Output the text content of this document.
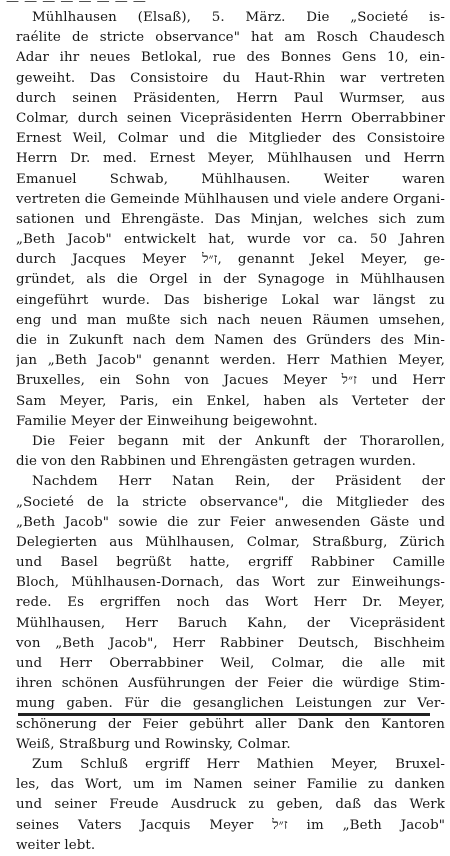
Mühlhausen (Elsaß), 5. März. Die „Societé is-
raélite de stricte observance" hat am Rosch Chaudesch
Adar ihr neues Betlokal, rue des Bonnes Gens 10, ein-
geweiht. Das Consistoire du Haut-Rhin war vertreten
durch seinen Präsidenten, Herrn Paul Wurmser, aus
Colmar, durch seinen Vicepräsidenten Herrn Oberrabbiner
Ernest Weil, Colmar und die Mitglieder des Consistoire
Herrn Dr. med. Ernest Meyer, Mühlhausen und Herrn
Emanuel Schwab, Mühlhausen. Weiter waren
vertreten die Gemeinde Mühlhausen und viele andere Organi-
sationen und Ehrengäste. Das Minjan, welches sich zum
„Beth Jacob" entwickelt hat, wurde vor ca. 50 Jahren
durch Jacques Meyer ז״ל, genannt Jekel Meyer, ge-
gründet, als die Orgel in der Synagoge in Mühlhausen
eingeführt wurde. Das bisherige Lokal war längst zu
eng und man mußte sich nach neuen Räumen umsehen,
die in Zukunft nach dem Namen des Gründers des Min-
jan „Beth Jacob" genannt werden. Herr Mathien Meyer,
Bruxelles, ein Sohn von Jacues Meyer ז״ל und Herr
Sam Meyer, Paris, ein Enkel, haben als Verteter der
Familie Meyer der Einweihung beigewohnt.
Die Feier begann mit der Ankunft der Thorarollen,
die von den Rabbinen und Ehrengästen getragen wurden.
Nachdem Herr Natan Rein, der Präsident der
„Societé de la stricte observance", die Mitglieder des
„Beth Jacob" sowie die zur Feier anwesenden Gäste und
Delegierten aus Mühlhausen, Colmar, Straßburg, Zürich
und Basel begrüßt hatte, ergriff Rabbiner Camille
Bloch, Mühlhausen-Dornach, das Wort zur Einweihungs-
rede. Es ergriffen noch das Wort Herr Dr. Meyer,
Mühlhausen, Herr Baruch Kahn, der Vicepräsident
von „Beth Jacob", Herr Rabbiner Deutsch, Bischheim
und Herr Oberrabbiner Weil, Colmar, die alle mit
ihren schönen Ausführungen der Feier die würdige Stim-
mung gaben. Für die gesanglichen Leistungen zur Ver-
schönerung der Feier gebührt aller Dank den Kantoren
Weiß, Straßburg und Rowinsky, Colmar.
Zum Schluß ergriff Herr Mathien Meyer, Bruxel-
les, das Wort, um im Namen seiner Familie zu danken
und seiner Freude Ausdruck zu geben, daß das Werk
seines Vaters Jacquis Meyer ז״ל im „Beth Jacob"
weiter lebt.
